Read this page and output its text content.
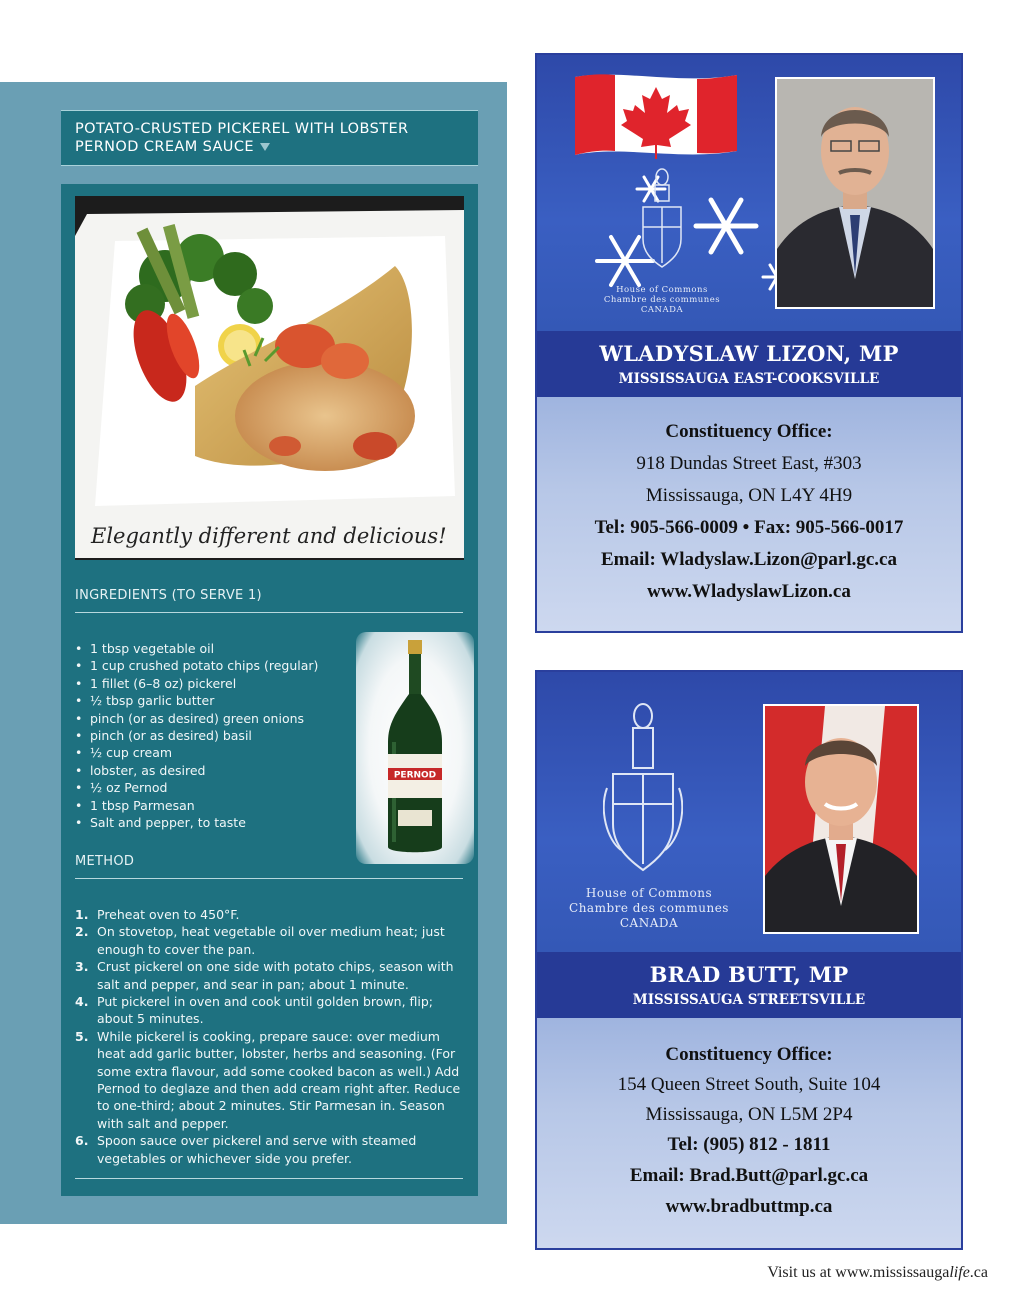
POTATO-CRUSTED PICKEREL WITH LOBSTER PERNOD CREAM SAUCE
Elegantly different and delicious!
INGREDIENTS (TO SERVE 1)
• 1 tbsp vegetable oil
• 1 cup crushed potato chips (regular)
• 1 fillet (6–8 oz) pickerel
• ½ tbsp garlic butter
• pinch (or as desired) green onions
• pinch (or as desired) basil
• ½ cup cream
• lobster, as desired
• ½ oz Pernod
• 1 tbsp Parmesan
• Salt and pepper, to taste
PERNOD
METHOD
1. Preheat oven to 450°F.
2. On stovetop, heat vegetable oil over medium heat; just enough to cover the pan.
3. Crust pickerel on one side with potato chips, season with salt and pepper, and sear in pan; about 1 minute.
4. Put pickerel in oven and cook until golden brown, flip; about 5 minutes.
5. While pickerel is cooking, prepare sauce: over medium heat add garlic butter, lobster, herbs and seasoning. (For some extra flavour, add some cooked bacon as well.) Add Pernod to deglaze and then add cream right after. Reduce to one-third; about 2 minutes. Stir Parmesan in. Season with salt and pepper.
6. Spoon sauce over pickerel and serve with steamed vegetables or whichever side you prefer.
House of Commons
Chambre des communes
CANADA
WLADYSLAW LIZON, MP
MISSISSAUGA EAST-COOKSVILLE
Constituency Office:
918 Dundas Street East, #303
Mississauga, ON L4Y 4H9
Tel: 905-566-0009 • Fax: 905-566-0017
Email: Wladyslaw.Lizon@parl.gc.ca
www.WladyslawLizon.ca
House of Commons
Chambre des communes
CANADA
BRAD BUTT, MP
MISSISSAUGA STREETSVILLE
Constituency Office:
154 Queen Street South, Suite 104
Mississauga, ON L5M 2P4
Tel: (905) 812 - 1811
Email: Brad.Butt@parl.gc.ca
www.bradbuttmp.ca
Visit us at www.mississaugalife.ca
